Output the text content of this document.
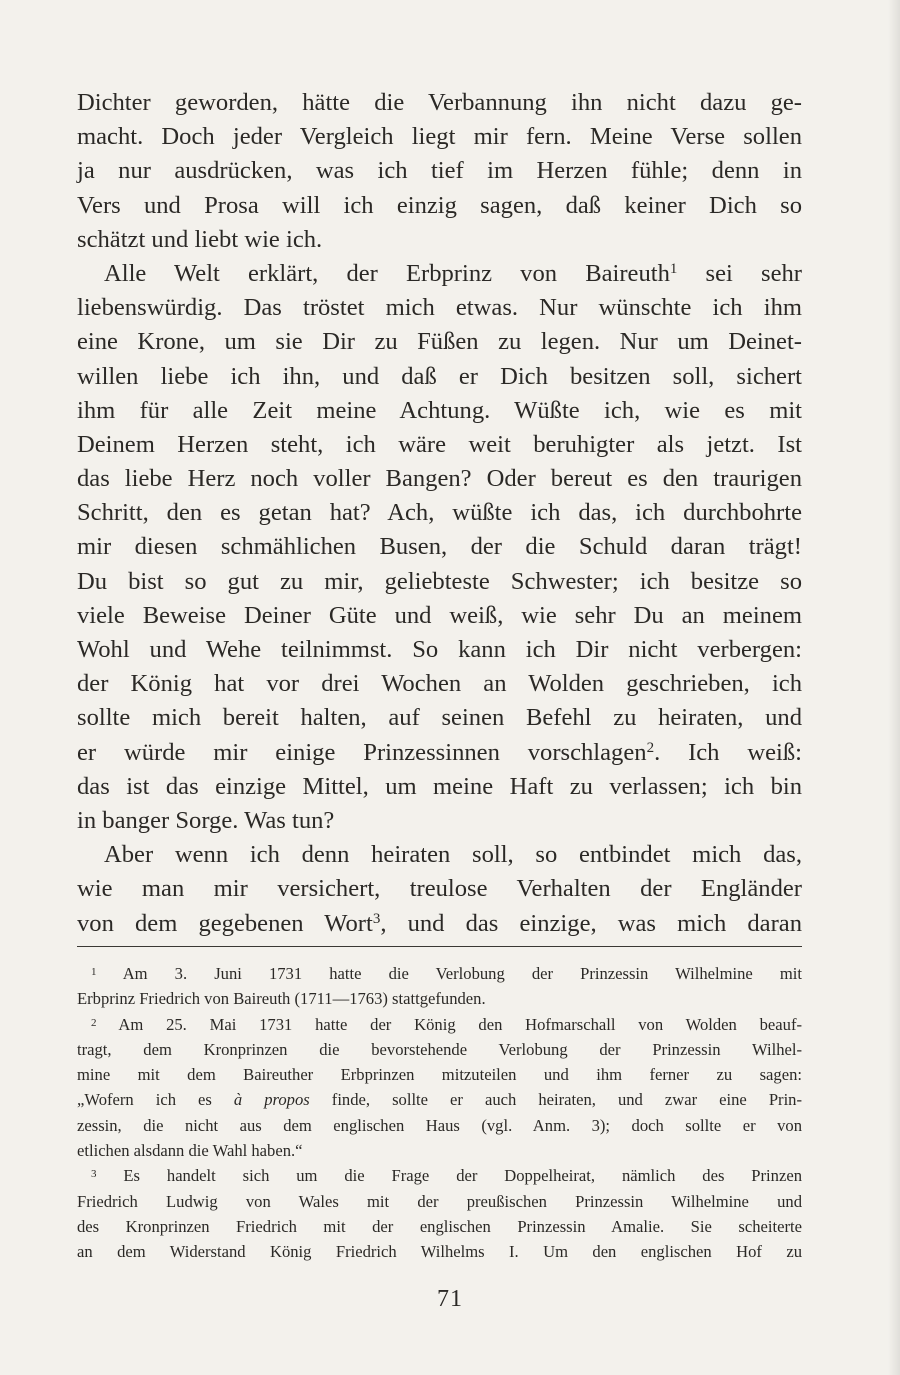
Dichter geworden, hätte die Verbannung ihn nicht dazu ge-
macht. Doch jeder Vergleich liegt mir fern. Meine Verse sollen
ja nur ausdrücken, was ich tief im Herzen fühle; denn in
Vers und Prosa will ich einzig sagen, daß keiner Dich so
schätzt und liebt wie ich.
Alle Welt erklärt, der Erbprinz von Baireuth$^1$ sei sehr
liebenswürdig. Das tröstet mich etwas. Nur wünschte ich ihm
eine Krone, um sie Dir zu Füßen zu legen. Nur um Deinet-
willen liebe ich ihn, und daß er Dich besitzen soll, sichert
ihm für alle Zeit meine Achtung. Wüßte ich, wie es mit
Deinem Herzen steht, ich wäre weit beruhigter als jetzt. Ist
das liebe Herz noch voller Bangen? Oder bereut es den traurigen
Schritt, den es getan hat? Ach, wüßte ich das, ich durchbohrte
mir diesen schmählichen Busen, der die Schuld daran trägt!
Du bist so gut zu mir, geliebteste Schwester; ich besitze so
viele Beweise Deiner Güte und weiß, wie sehr Du an meinem
Wohl und Wehe teilnimmst. So kann ich Dir nicht verbergen:
der König hat vor drei Wochen an Wolden geschrieben, ich
sollte mich bereit halten, auf seinen Befehl zu heiraten, und
er würde mir einige Prinzessinnen vorschlagen$^2$. Ich weiß:
das ist das einzige Mittel, um meine Haft zu verlassen; ich bin
in banger Sorge. Was tun?
Aber wenn ich denn heiraten soll, so entbindet mich das,
wie man mir versichert, treulose Verhalten der Engländer
von dem gegebenen Wort$^3$, und das einzige, was mich daran
$^1$ Am 3. Juni 1731 hatte die Verlobung der Prinzessin Wilhelmine mit
Erbprinz Friedrich von Baireuth (1711—1763) stattgefunden.
$^2$ Am 25. Mai 1731 hatte der König den Hofmarschall von Wolden beauf-
tragt, dem Kronprinzen die bevorstehende Verlobung der Prinzessin Wilhel-
mine mit dem Baireuther Erbprinzen mitzuteilen und ihm ferner zu sagen:
„Wofern ich es à propos finde, sollte er auch heiraten, und zwar eine Prin-
zessin, die nicht aus dem englischen Haus (vgl. Anm. 3); doch sollte er von
etlichen alsdann die Wahl haben.“
$^3$ Es handelt sich um die Frage der Doppelheirat, nämlich des Prinzen
Friedrich Ludwig von Wales mit der preußischen Prinzessin Wilhelmine und
des Kronprinzen Friedrich mit der englischen Prinzessin Amalie. Sie scheiterte
an dem Widerstand König Friedrich Wilhelms I. Um den englischen Hof zu
71
